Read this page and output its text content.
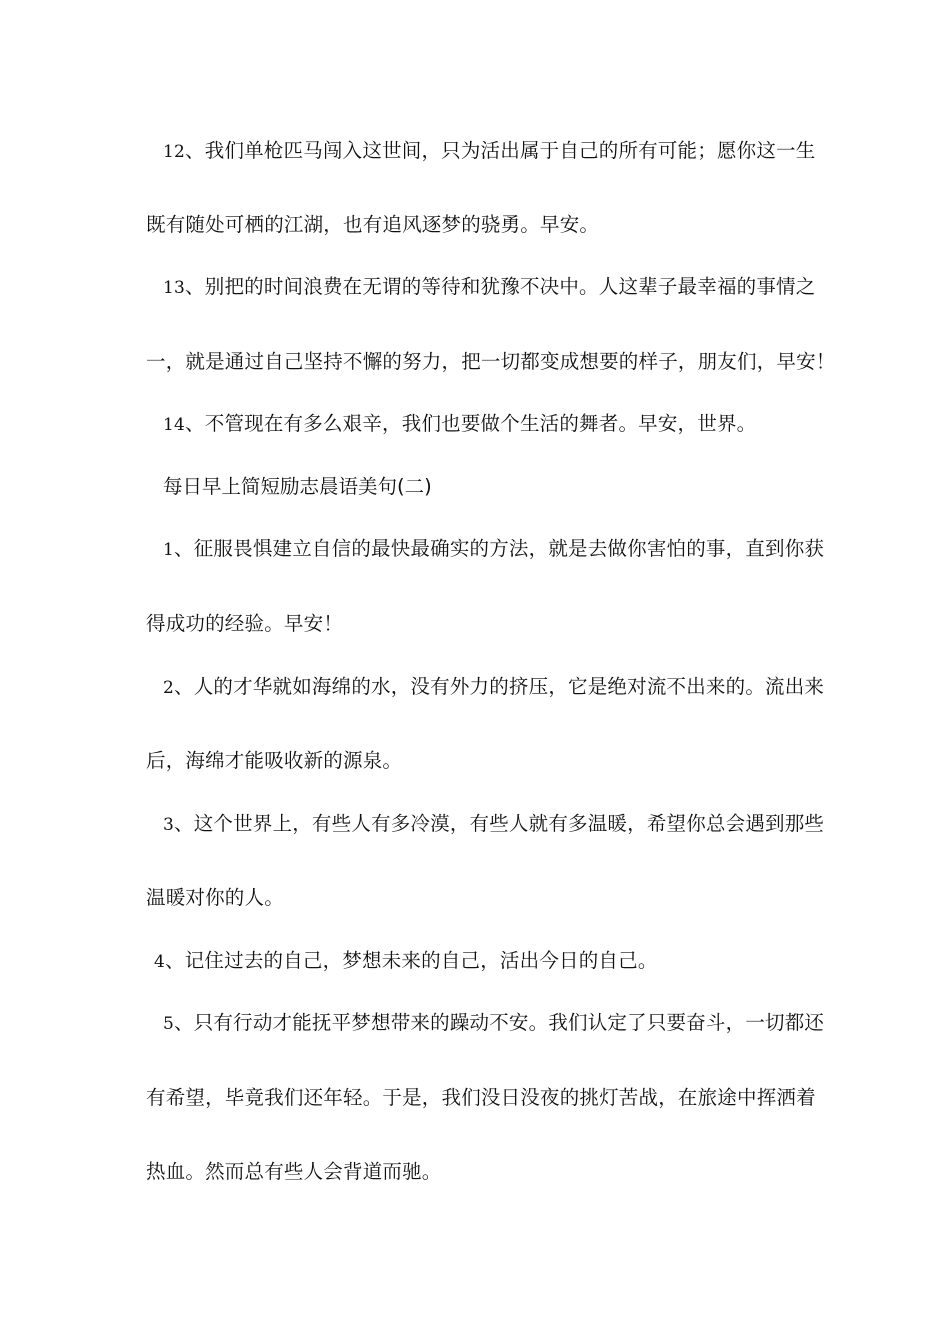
12、我们单枪匹马闯入这世间，只为活出属于自己的所有可能；愿你这一生
既有随处可栖的江湖，也有追风逐梦的骁勇。早安。
13、别把的时间浪费在无谓的等待和犹豫不决中。人这辈子最幸福的事情之
一，就是通过自己坚持不懈的努力，把一切都变成想要的样子，朋友们，早安！
14、不管现在有多么艰辛，我们也要做个生活的舞者。早安，世界。
每日早上简短励志晨语美句(二)
1、征服畏惧建立自信的最快最确实的方法，就是去做你害怕的事，直到你获
得成功的经验。早安！
2、人的才华就如海绵的水，没有外力的挤压，它是绝对流不出来的。流出来
后，海绵才能吸收新的源泉。
3、这个世界上，有些人有多冷漠，有些人就有多温暖，希望你总会遇到那些
温暖对你的人。
4、记住过去的自己，梦想未来的自己，活出今日的自己。
5、只有行动才能抚平梦想带来的躁动不安。我们认定了只要奋斗，一切都还
有希望，毕竟我们还年轻。于是，我们没日没夜的挑灯苦战，在旅途中挥洒着
热血。然而总有些人会背道而驰。
